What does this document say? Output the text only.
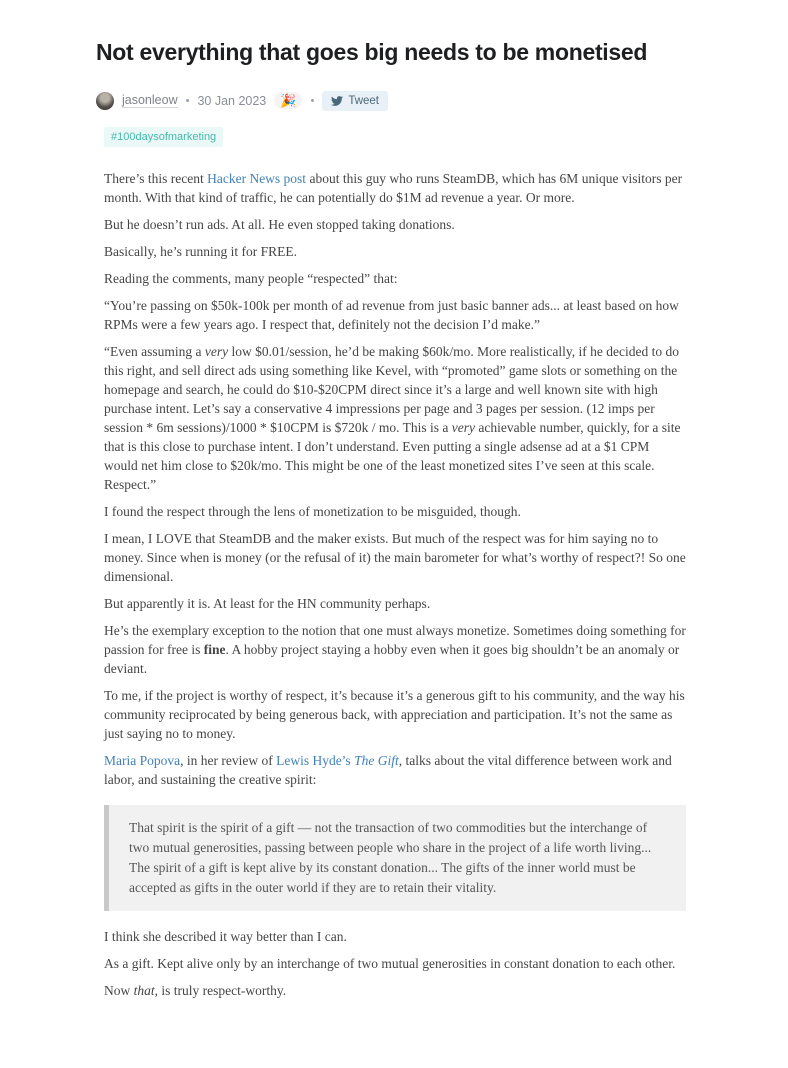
Not everything that goes big needs to be monetised
jasonleow • 30 Jan 2023	🎉	•	Tweet
#100daysofmarketing

There’s this recent Hacker News post about this guy who runs SteamDB, which has 6M unique visitors per month. With that kind of traffic, he can potentially do $1M ad revenue a year. Or more.

But he doesn’t run ads. At all. He even stopped taking donations.

Basically, he’s running it for FREE.

Reading the comments, many people “respected” that:

“You’re passing on $50k-100k per month of ad revenue from just basic banner ads... at least based on how RPMs were a few years ago. I respect that, definitely not the decision I’d make.”

“Even assuming a very low $0.01/session, he’d be making $60k/mo. More realistically, if he decided to do this right, and sell direct ads using something like Kevel, with “promoted” game slots or something on the homepage and search, he could do $10-$20CPM direct since it’s a large and well known site with high purchase intent. Let’s say a conservative 4 impressions per page and 3 pages per session. (12 imps per session * 6m sessions)/1000 * $10CPM is $720k / mo. This is a very achievable number, quickly, for a site that is this close to purchase intent. I don’t understand. Even putting a single adsense ad at a $1 CPM would net him close to $20k/mo. This might be one of the least monetized sites I’ve seen at this scale. Respect.”

I found the respect through the lens of monetization to be misguided, though.

I mean, I LOVE that SteamDB and the maker exists. But much of the respect was for him saying no to money. Since when is money (or the refusal of it) the main barometer for what’s worthy of respect?! So one dimensional.

But apparently it is. At least for the HN community perhaps.

He’s the exemplary exception to the notion that one must always monetize. Sometimes doing something for passion for free is fine. A hobby project staying a hobby even when it goes big shouldn’t be an anomaly or deviant.

To me, if the project is worthy of respect, it’s because it’s a generous gift to his community, and the way his community reciprocated by being generous back, with appreciation and participation. It’s not the same as just saying no to money.

Maria Popova, in her review of Lewis Hyde’s The Gift, talks about the vital difference between work and labor, and sustaining the creative spirit:

That spirit is the spirit of a gift — not the transaction of two commodities but the interchange of two mutual generosities, passing between people who share in the project of a life worth living... The spirit of a gift is kept alive by its constant donation... The gifts of the inner world must be accepted as gifts in the outer world if they are to retain their vitality.

I think she described it way better than I can.

As a gift. Kept alive only by an interchange of two mutual generosities in constant donation to each other.

Now that, is truly respect-worthy.
